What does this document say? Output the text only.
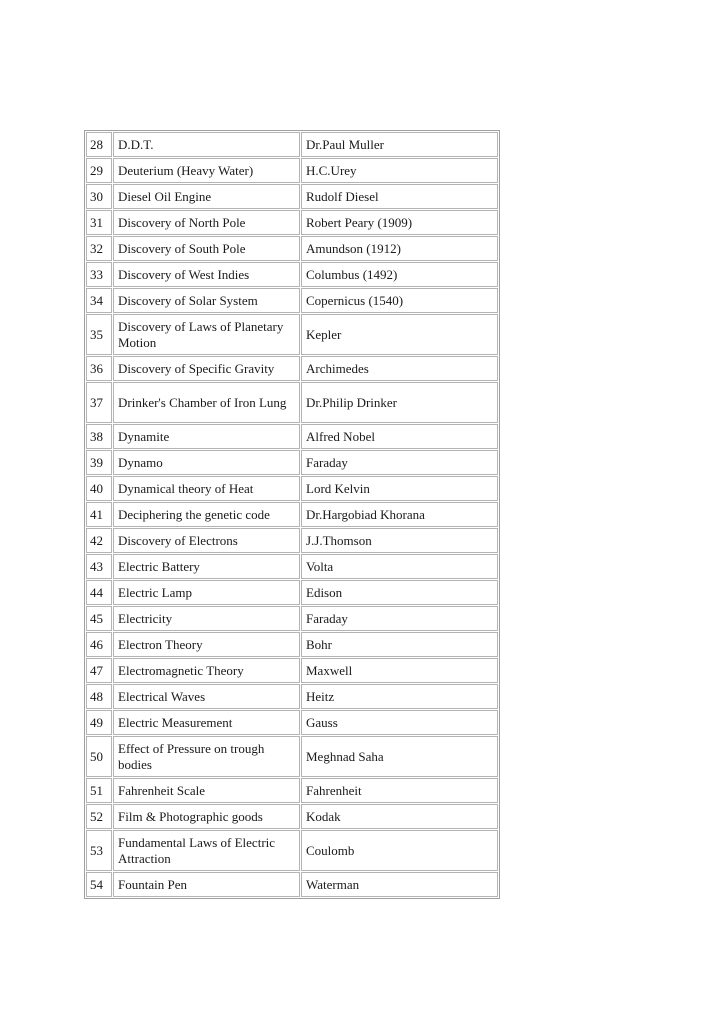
28	D.D.T.	Dr.Paul Muller
29	Deuterium (Heavy Water)	H.C.Urey
30	Diesel Oil Engine	Rudolf Diesel
31	Discovery of North Pole	Robert Peary (1909)
32	Discovery of South Pole	Amundson (1912)
33	Discovery of West Indies	Columbus (1492)
34	Discovery of Solar System	Copernicus (1540)
35	Discovery of Laws of Planetary Motion	Kepler
36	Discovery of Specific Gravity	Archimedes
37	Drinker's Chamber of Iron Lung	Dr.Philip Drinker
38	Dynamite	Alfred Nobel
39	Dynamo	Faraday
40	Dynamical theory of Heat	Lord Kelvin
41	Deciphering the genetic code	Dr.Hargobiad Khorana
42	Discovery of Electrons	J.J.Thomson
43	Electric Battery	Volta
44	Electric Lamp	Edison
45	Electricity	Faraday
46	Electron Theory	Bohr
47	Electromagnetic Theory	Maxwell
48	Electrical Waves	Heitz
49	Electric Measurement	Gauss
50	Effect of Pressure on trough bodies	Meghnad Saha
51	Fahrenheit Scale	Fahrenheit
52	Film & Photographic goods	Kodak
53	Fundamental Laws of Electric Attraction	Coulomb
54	Fountain Pen	Waterman
